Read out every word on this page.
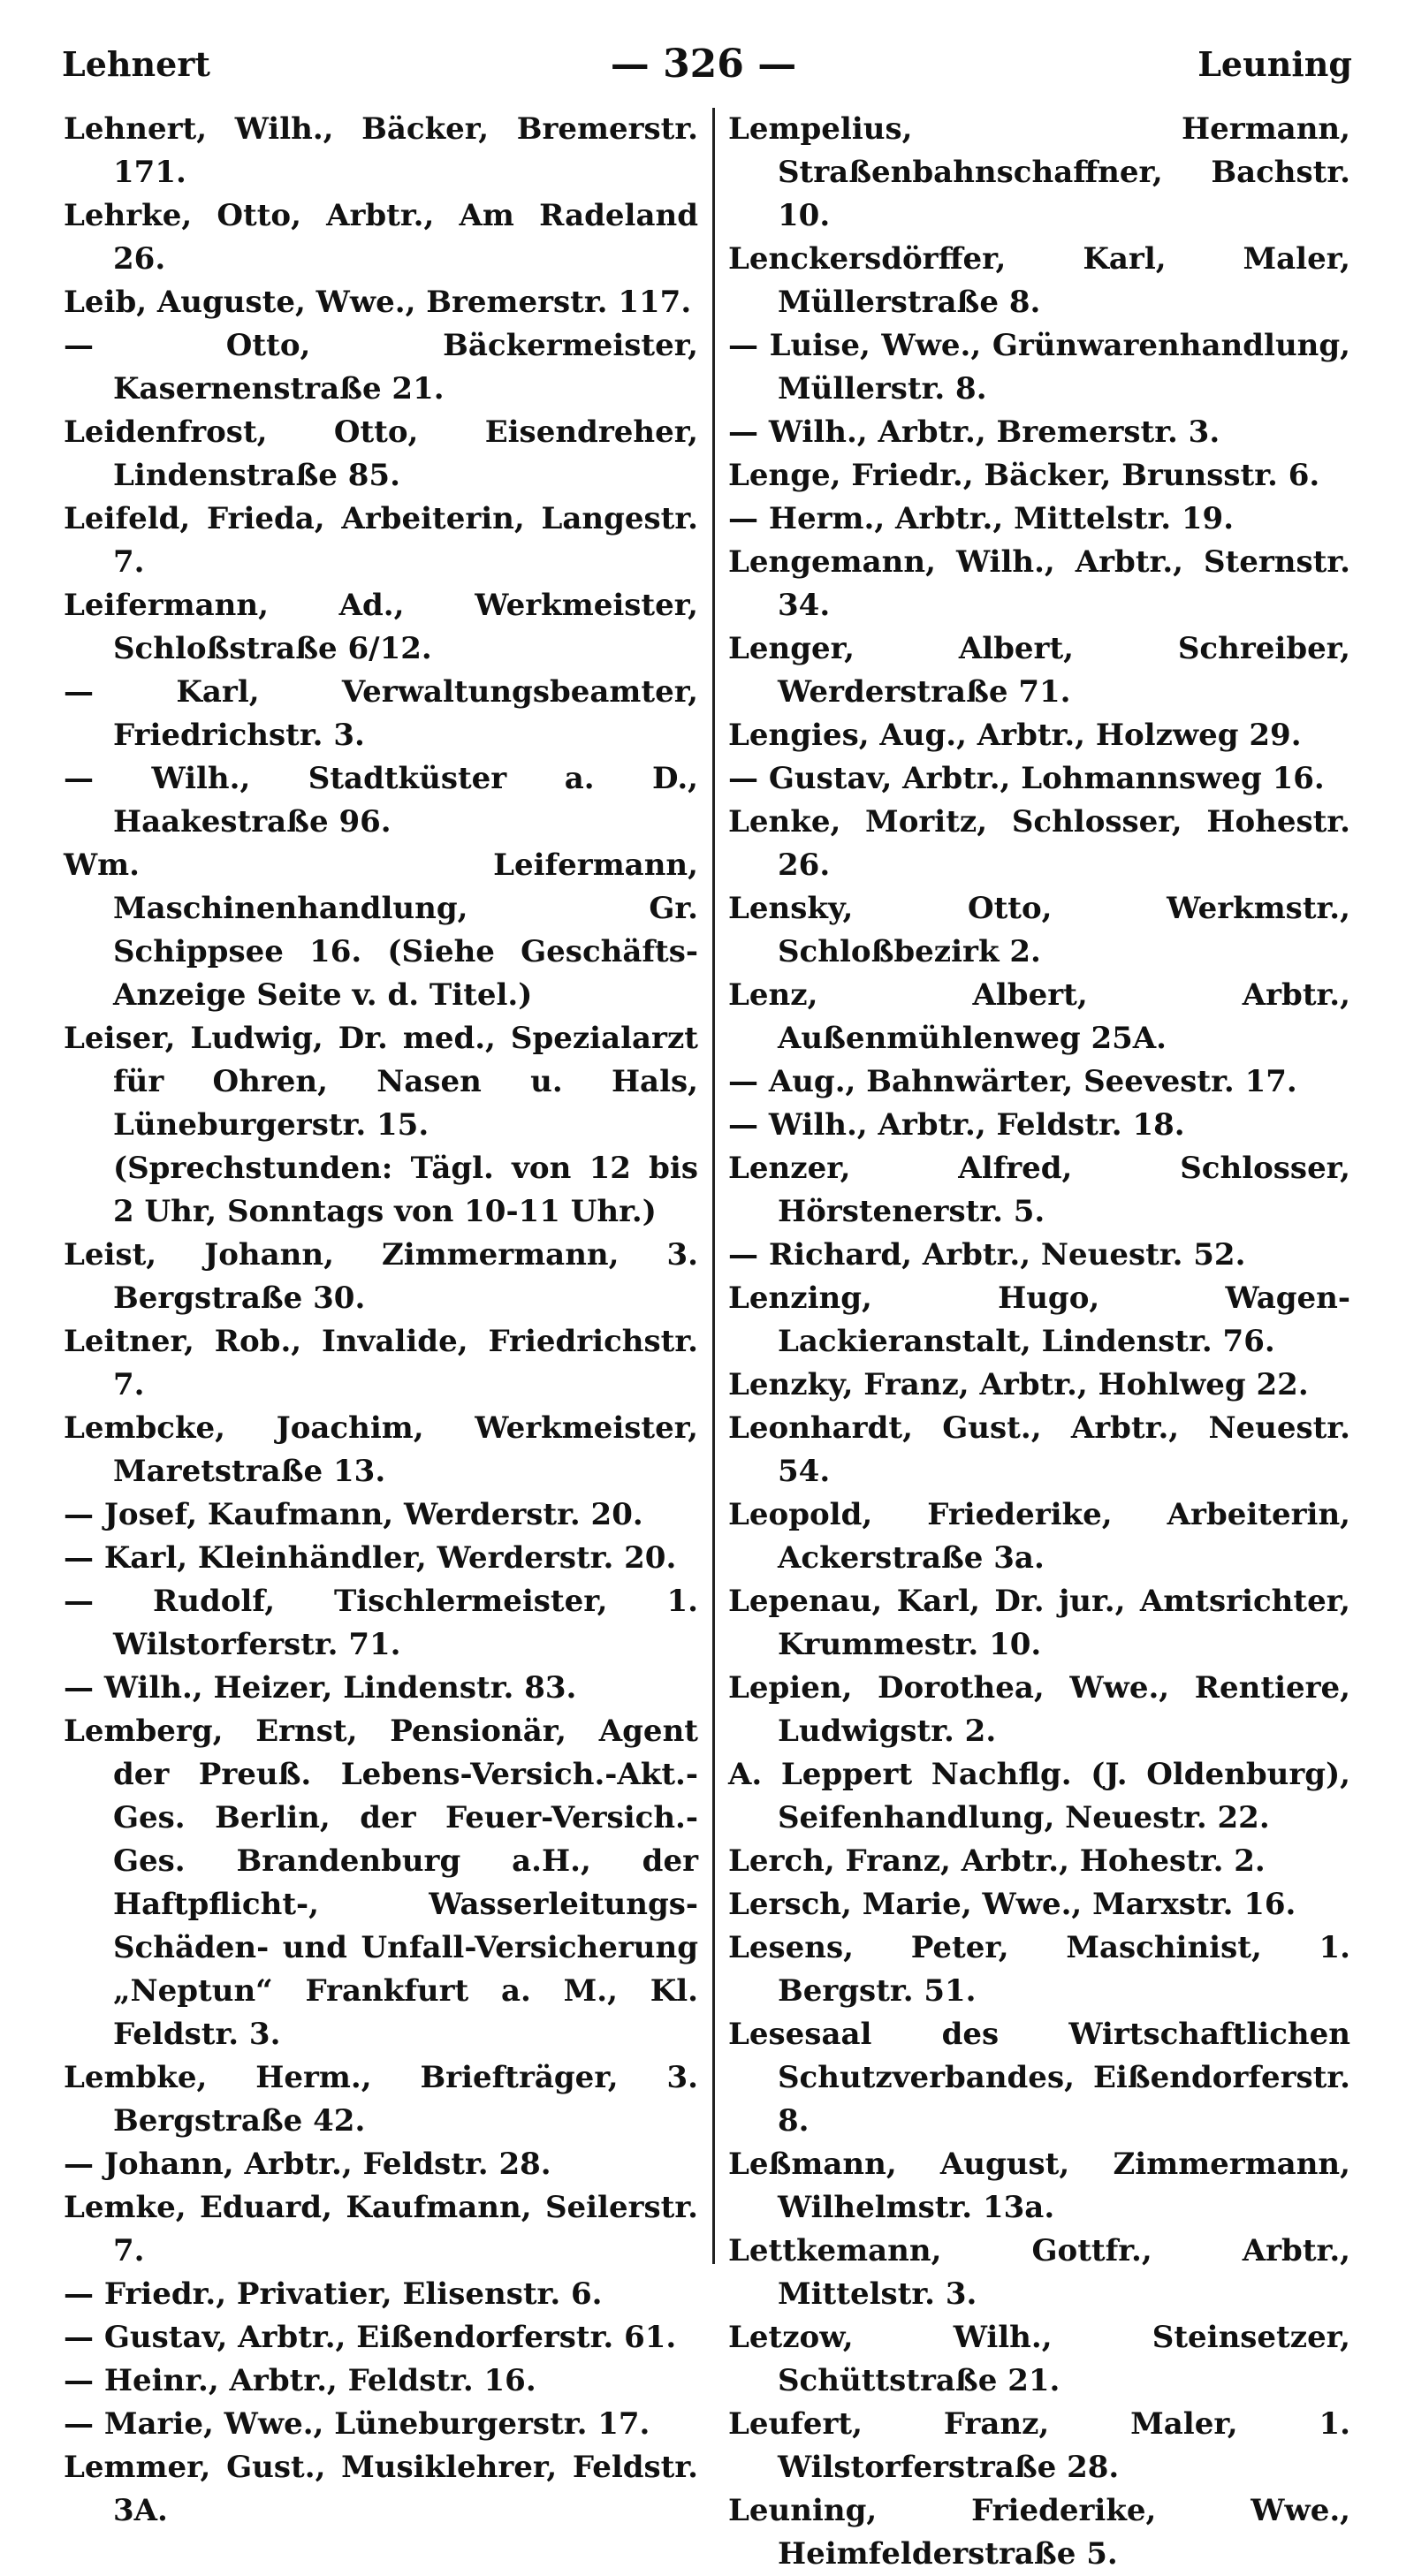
Lehnert	— 326 —	Leuning

Lehnert, Wilh., Bäcker, Bremerstr. 171.

Lehrke, Otto, Arbtr., Am Radeland 26.

Leib, Auguste, Wwe., Bremerstr. 117.

— Otto, Bäckermeister, Kasernenstraße 21.

Leidenfrost, Otto, Eisendreher, Lindenstraße 85.

Leifeld, Frieda, Arbeiterin, Langestr. 7.

Leifermann, Ad., Werkmeister, Schloßstraße 6/12.

— Karl, Verwaltungsbeamter, Friedrichstr. 3.

— Wilh., Stadtküster a. D., Haakestraße 96.

Wm. Leifermann, Maschinenhandlung, Gr. Schippsee 16. (Siehe Geschäfts-Anzeige Seite v. d. Titel.)

Leiser, Ludwig, Dr. med., Spezialarzt für Ohren, Nasen u. Hals, Lüneburgerstr. 15.

(Sprechstunden: Tägl. von 12 bis 2 Uhr, Sonntags von 10-11 Uhr.)

Leist, Johann, Zimmermann, 3. Bergstraße 30.

Leitner, Rob., Invalide, Friedrichstr. 7.

Lembcke, Joachim, Werkmeister, Maretstraße 13.

— Josef, Kaufmann, Werderstr. 20.

— Karl, Kleinhändler, Werderstr. 20.

— Rudolf, Tischlermeister, 1. Wilstorferstr. 71.

— Wilh., Heizer, Lindenstr. 83.

Lemberg, Ernst, Pensionär, Agent der Preuß. Lebens-Versich.-Akt.-Ges. Berlin, der Feuer-Versich.-Ges. Brandenburg a.H., der Haftpflicht-, Wasserleitungs-Schäden- und Unfall-Versicherung „Neptun“ Frankfurt a. M., Kl. Feldstr. 3.

Lembke, Herm., Briefträger, 3. Bergstraße 42.

— Johann, Arbtr., Feldstr. 28.

Lemke, Eduard, Kaufmann, Seilerstr. 7.

— Friedr., Privatier, Elisenstr. 6.

— Gustav, Arbtr., Eißendorferstr. 61.

— Heinr., Arbtr., Feldstr. 16.

— Marie, Wwe., Lüneburgerstr. 17.

Lemmer, Gust., Musiklehrer, Feldstr. 3A.

Lempelius, Hermann, Straßenbahnschaffner, Bachstr. 10.

Lenckersdörffer, Karl, Maler, Müllerstraße 8.

— Luise, Wwe., Grünwarenhandlung, Müllerstr. 8.

— Wilh., Arbtr., Bremerstr. 3.

Lenge, Friedr., Bäcker, Brunsstr. 6.

— Herm., Arbtr., Mittelstr. 19.

Lengemann, Wilh., Arbtr., Sternstr. 34.

Lenger, Albert, Schreiber, Werderstraße 71.

Lengies, Aug., Arbtr., Holzweg 29.

— Gustav, Arbtr., Lohmannsweg 16.

Lenke, Moritz, Schlosser, Hohestr. 26.

Lensky, Otto, Werkmstr., Schloßbezirk 2.

Lenz, Albert, Arbtr., Außenmühlenweg 25A.

— Aug., Bahnwärter, Seevestr. 17.

— Wilh., Arbtr., Feldstr. 18.

Lenzer, Alfred, Schlosser, Hörstenerstr. 5.

— Richard, Arbtr., Neuestr. 52.

Lenzing, Hugo, Wagen-Lackieranstalt, Lindenstr. 76.

Lenzky, Franz, Arbtr., Hohlweg 22.

Leonhardt, Gust., Arbtr., Neuestr. 54.

Leopold, Friederike, Arbeiterin, Ackerstraße 3a.

Lepenau, Karl, Dr. jur., Amtsrichter, Krummestr. 10.

Lepien, Dorothea, Wwe., Rentiere, Ludwigstr. 2.

A. Leppert Nachflg. (J. Oldenburg), Seifenhandlung, Neuestr. 22.

Lerch, Franz, Arbtr., Hohestr. 2.

Lersch, Marie, Wwe., Marxstr. 16.

Lesens, Peter, Maschinist, 1. Bergstr. 51.

Lesesaal des Wirtschaftlichen Schutzverbandes, Eißendorferstr. 8.

Leßmann, August, Zimmermann, Wilhelmstr. 13a.

Lettkemann, Gottfr., Arbtr., Mittelstr. 3.

Letzow, Wilh., Steinsetzer, Schüttstraße 21.

Leufert, Franz, Maler, 1. Wilstorferstraße 28.

Leuning, Friederike, Wwe., Heimfelderstraße 5.
